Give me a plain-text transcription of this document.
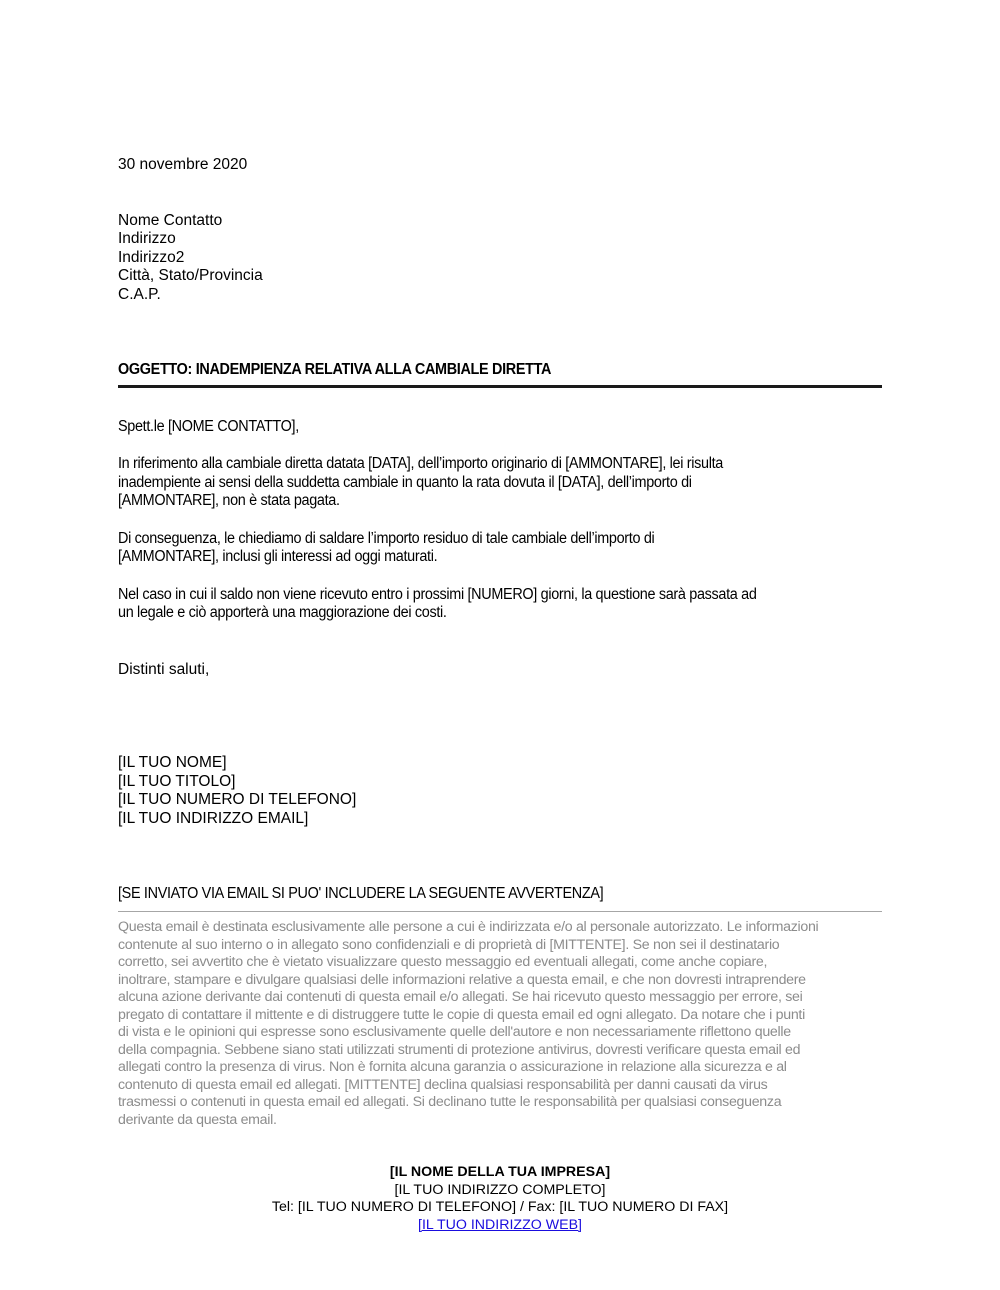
30 novembre 2020
Nome Contatto
Indirizzo
Indirizzo2
Città, Stato/Provincia
C.A.P.
OGGETTO: INADEMPIENZA RELATIVA ALLA CAMBIALE DIRETTA
Spett.le [NOME CONTATTO],
In riferimento alla cambiale diretta datata [DATA], dell’importo originario di [AMMONTARE], lei risulta
inadempiente ai sensi della suddetta cambiale in quanto la rata dovuta il [DATA], dell’importo di
[AMMONTARE], non è stata pagata.
Di conseguenza, le chiediamo di saldare l’importo residuo di tale cambiale dell’importo di
[AMMONTARE], inclusi gli interessi ad oggi maturati.
Nel caso in cui il saldo non viene ricevuto entro i prossimi [NUMERO] giorni, la questione sarà passata ad
un legale e ciò apporterà una maggiorazione dei costi.
Distinti saluti,
[IL TUO NOME]
[IL TUO TITOLO]
[IL TUO NUMERO DI TELEFONO]
[IL TUO INDIRIZZO EMAIL]
[SE INVIATO VIA EMAIL SI PUO' INCLUDERE LA SEGUENTE AVVERTENZA]
Questa email è destinata esclusivamente alle persone a cui è indirizzata e/o al personale autorizzato. Le informazioni
contenute al suo interno o in allegato sono confidenziali e di proprietà di [MITTENTE]. Se non sei il destinatario
corretto, sei avvertito che è vietato visualizzare questo messaggio ed eventuali allegati, come anche copiare,
inoltrare, stampare e divulgare qualsiasi delle informazioni relative a questa email, e che non dovresti intraprendere
alcuna azione derivante dai contenuti di questa email e/o allegati. Se hai ricevuto questo messaggio per errore, sei
pregato di contattare il mittente e di distruggere tutte le copie di questa email ed ogni allegato. Da notare che i punti
di vista e le opinioni qui espresse sono esclusivamente quelle dell'autore e non necessariamente riflettono quelle
della compagnia. Sebbene siano stati utilizzati strumenti di protezione antivirus, dovresti verificare questa email ed
allegati contro la presenza di virus. Non è fornita alcuna garanzia o assicurazione in relazione alla sicurezza e al
contenuto di questa email ed allegati. [MITTENTE] declina qualsiasi responsabilità per danni causati da virus
trasmessi o contenuti in questa email ed allegati. Si declinano tutte le responsabilità per qualsiasi conseguenza
derivante da questa email.
[IL NOME DELLA TUA IMPRESA]
[IL TUO INDIRIZZO COMPLETO]
Tel: [IL TUO NUMERO DI TELEFONO] / Fax: [IL TUO NUMERO DI FAX]
[IL TUO INDIRIZZO WEB]
